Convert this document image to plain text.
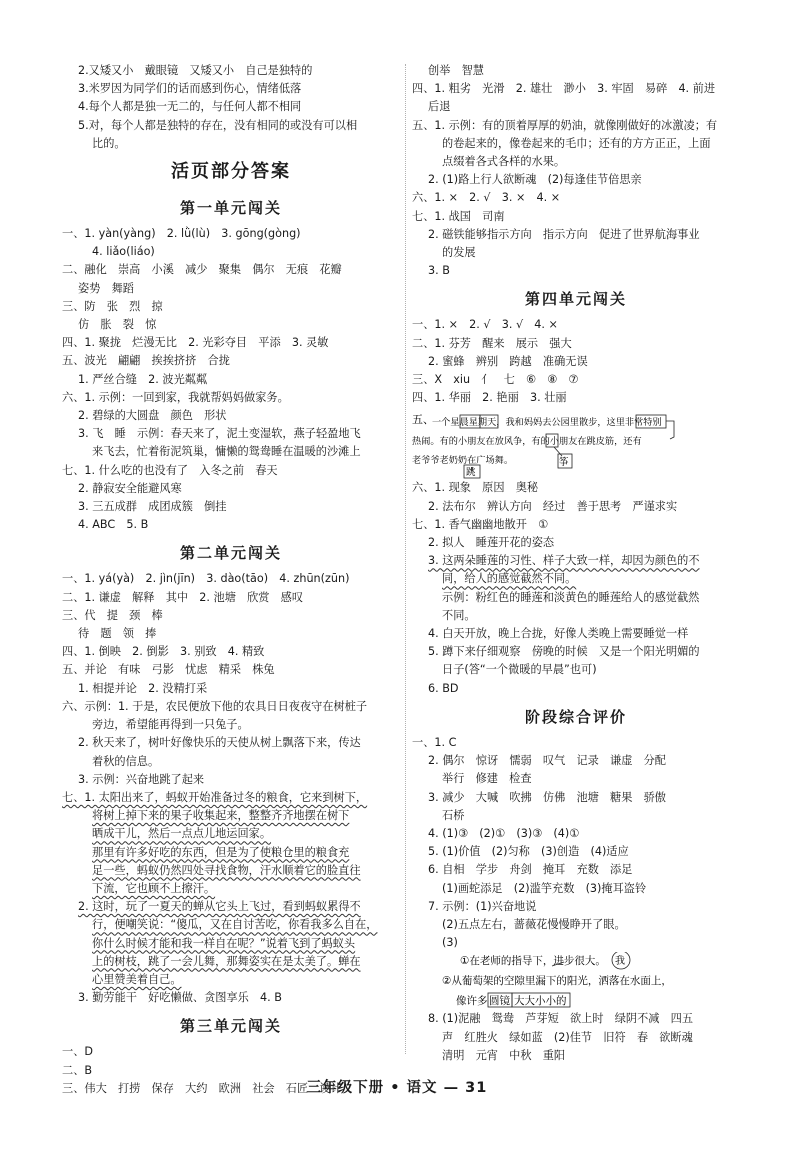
2.又矮又小　戴眼镜　又矮又小　自己是独特的
3.米罗因为同学们的话而感到伤心，情绪低落
4.每个人都是独一无二的，与任何人都不相同
5.对，每个人都是独特的存在，没有相同的或没有可以相
比的。
活页部分答案
第一单元闯关
一、1. yàn(yàng)　2. lǜ(lù)　3. gōng(gòng)
4. liǎo(liáo)
二、融化　崇高　小溪　减少　聚集　偶尔　无痕　花瓣
姿势　舞蹈
三、防　张　烈　掠
仿　胀　裂　惊
四、1. 聚拢　烂漫无比　2. 光彩夺目　平添　3. 灵敏
五、波光　翩翩　挨挨挤挤　合拢
1. 严丝合缝　2. 波光粼粼
六、1. 示例：一回到家，我就帮妈妈做家务。
2. 碧绿的大圆盘　颜色　形状
3. 飞　睡　示例：春天来了，泥土变湿软，燕子轻盈地飞
来飞去，忙着衔泥筑巢，慵懒的鸳鸯睡在温暖的沙滩上
七、1. 什么吃的也没有了　入冬之前　春天
2. 静寂安全能避风寒
3. 三五成群　成团成簇　倒挂
4. ABC　5. B
第二单元闯关
一、1. yá(yà)　2. jìn(jīn)　3. dào(tāo)　4. zhūn(zūn)
二、1. 谦虚　解释　其中　2. 池塘　欣赏　感叹
三、代　提　颈　棒
待　题　领　捧
四、1. 倒映　2. 倒影　3. 别致　4. 精致
五、并论　有味　弓影　忧虑　精采　株兔
1. 相提并论　2. 没精打采
六、示例：1. 于是，农民便放下他的农具日日夜夜守在树桩子
旁边，希望能再得到一只兔子。
2. 秋天来了，树叶好像快乐的天使从树上飘落下来，传达
着秋的信息。
3. 示例：兴奋地跳了起来
七、1. 太阳出来了，蚂蚁开始准备过冬的粮食，它来到树下，
将树上掉下来的果子收集起来，整整齐齐地摆在树下
晒成干儿，然后一点点儿地运回家。
那里有许多好吃的东西，但是为了使粮仓里的粮食充
足一些，蚂蚁仍然四处寻找食物，汗水顺着它的脸直往
下流，它也顾不上擦汗。
2. 这时，玩了一夏天的蝉从它头上飞过，看到蚂蚁累得不
行，便嘲笑说：“傻瓜，又在自讨苦吃，你看我多么自在，
你什么时候才能和我一样自在呢？”说着飞到了蚂蚁头
上的树枝，跳了一会儿舞，那舞姿实在是太美了。蝉在
心里赞美着自己。
3. 勤劳能干　好吃懒做、贪图享乐　4. B
第三单元闯关
一、D
二、B
三、伟大　打捞　保存　大约　欧洲　社会　石匠　设计
创举　智慧
四、1. 粗劣　光滑　2. 雄壮　渺小　3. 牢固　易碎　4. 前进
后退
五、1. 示例：有的顶着厚厚的奶油，就像刚做好的冰激凌；有
的卷起来的，像卷起来的毛巾；还有的方方正正，上面
点缀着各式各样的水果。
2. (1)路上行人欲断魂　(2)每逢佳节倍思亲
六、1. ×　2. √　3. ×　4. ×
七、1. 战国　司南
2. 磁铁能够指示方向　指示方向　促进了世界航海事业
的发展
3. B
第四单元闯关
一、1. ×　2. √　3. √　4. ×
二、1. 芬芳　醒来　展示　强大
2. 蜜蜂　辨别　跨越　准确无误
三、X　xiu　亻　七　⑥　⑧　⑦
四、1. 华丽　2. 艳丽　3. 壮丽
五、
一个星晨星期天，我和妈妈去公园里散步，这里非常特别
热闹。有的小朋友在放风争，有的小朋友在跳皮筋，还有
老爷爷老奶奶在广场舞。	筝
跳
六、1. 现象　原因　奥秘
2. 法布尔　辨认方向　经过　善于思考　严谨求实
七、1. 香气幽幽地散开　①
2. 拟人　睡莲开花的姿态
3. 这两朵睡莲的习性、样子大致一样，却因为颜色的不
同，给人的感觉截然不同。
示例：粉红色的睡莲和淡黄色的睡莲给人的感觉截然
不同。
4. 白天开放，晚上合拢，好像人类晚上需要睡觉一样
5. 蹲下来仔细观察　傍晚的时候　又是一个阳光明媚的
日子(答“一个微暖的早晨”也可)
6. BD
阶段综合评价
一、1. C
2. 偶尔　惊讶　懦弱　叹气　记录　谦虚　分配
举行　修建　检查
3. 减少　大喊　吹拂　仿佛　池塘　糖果　骄傲
石桥
4. (1)③　(2)①　(3)③　(4)①
5. (1)价值　(2)匀称　(3)创造　(4)适应
6. 自相　学步　舟剑　掩耳　充数　添足
(1)画蛇添足　(2)滥竽充数　(3)掩耳盗铃
7. 示例：(1)兴奋地说
(2)五点左右，蔷薇花慢慢睁开了眼。
(3)
①在老师的指导下，进步很大。 我
②从葡萄架的空隙里漏下的阳光，洒落在水面上，
像许多 圆镜 大大小小的
8. (1)泥融　鸳鸯　芦芽短　欲上时　绿阴不减　四五
声　红胜火　绿如蓝　(2)佳节　旧符　春　欲断魂
清明　元宵　中秋　重阳
三年级下册 • 语文 — 31
